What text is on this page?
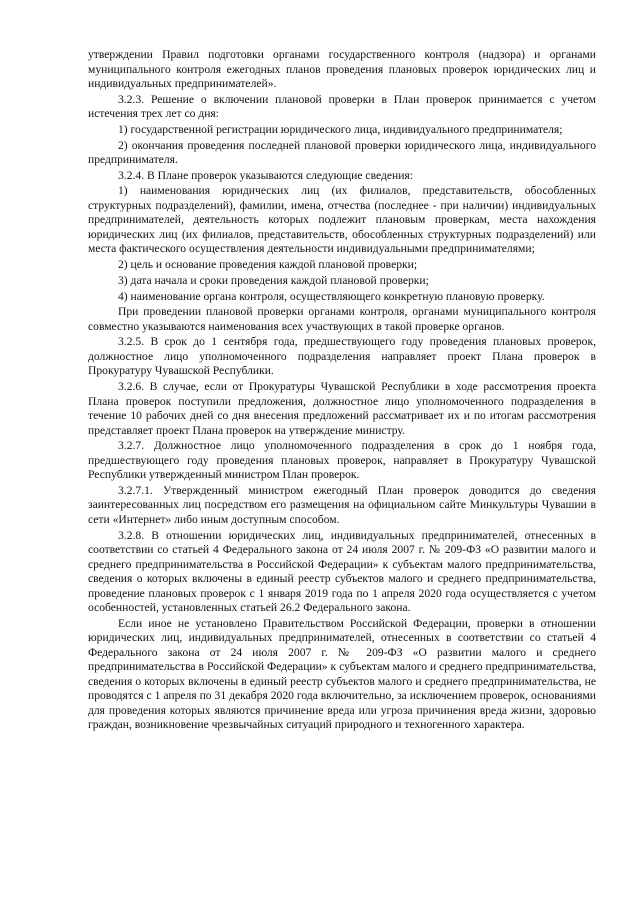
утверждении Правил подготовки органами государственного контроля (надзора) и органами муниципального контроля ежегодных планов проведения плановых проверок юридических лиц и индивидуальных предпринимателей».

3.2.3. Решение о включении плановой проверки в План проверок принимается с учетом истечения трех лет со дня:

1) государственной регистрации юридического лица, индивидуального предпринимателя;

2) окончания проведения последней плановой проверки юридического лица, индивидуального предпринимателя.

3.2.4. В Плане проверок указываются следующие сведения:

1) наименования юридических лиц (их филиалов, представительств, обособленных структурных подразделений), фамилии, имена, отчества (последнее - при наличии) индивидуальных предпринимателей, деятельность которых подлежит плановым проверкам, места нахождения юридических лиц (их филиалов, представительств, обособленных структурных подразделений) или места фактического осуществления деятельности индивидуальными предпринимателями;

2) цель и основание проведения каждой плановой проверки;

3) дата начала и сроки проведения каждой плановой проверки;

4) наименование органа контроля, осуществляющего конкретную плановую проверку.

При проведении плановой проверки органами контроля, органами муниципального контроля совместно указываются наименования всех участвующих в такой проверке органов.

3.2.5. В срок до 1 сентября года, предшествующего году проведения плановых проверок, должностное лицо уполномоченного подразделения направляет проект Плана проверок в Прокуратуру Чувашской Республики.

3.2.6. В случае, если от Прокуратуры Чувашской Республики в ходе рассмотрения проекта Плана проверок поступили предложения, должностное лицо уполномоченного подразделения в течение 10 рабочих дней со дня внесения предложений рассматривает их и по итогам рассмотрения представляет проект Плана проверок на утверждение министру.

3.2.7. Должностное лицо уполномоченного подразделения в срок до 1 ноября года, предшествующего году проведения плановых проверок, направляет в Прокуратуру Чувашской Республики утвержденный министром План проверок.

3.2.7.1. Утвержденный министром ежегодный План проверок доводится до сведения заинтересованных лиц посредством его размещения на официальном сайте Минкультуры Чувашии в сети «Интернет» либо иным доступным способом.

3.2.8. В отношении юридических лиц, индивидуальных предпринимателей, отнесенных в соответствии со статьей 4 Федерального закона от 24 июля 2007 г. № 209-ФЗ «О развитии малого и среднего предпринимательства в Российской Федерации» к субъектам малого предпринимательства, сведения о которых включены в единый реестр субъектов малого и среднего предпринимательства, проведение плановых проверок с 1 января 2019 года по 1 апреля 2020 года осуществляется с учетом особенностей, установленных статьей 26.2 Федерального закона.

Если иное не установлено Правительством Российской Федерации, проверки в отношении юридических лиц, индивидуальных предпринимателей, отнесенных в соответствии со статьей 4 Федерального закона от 24 июля 2007 г. № 209-ФЗ «О развитии малого и среднего предпринимательства в Российской Федерации» к субъектам малого и среднего предпринимательства, сведения о которых включены в единый реестр субъектов малого и среднего предпринимательства, не проводятся с 1 апреля по 31 декабря 2020 года включительно, за исключением проверок, основаниями для проведения которых являются причинение вреда или угроза причинения вреда жизни, здоровью граждан, возникновение чрезвычайных ситуаций природного и техногенного характера.
